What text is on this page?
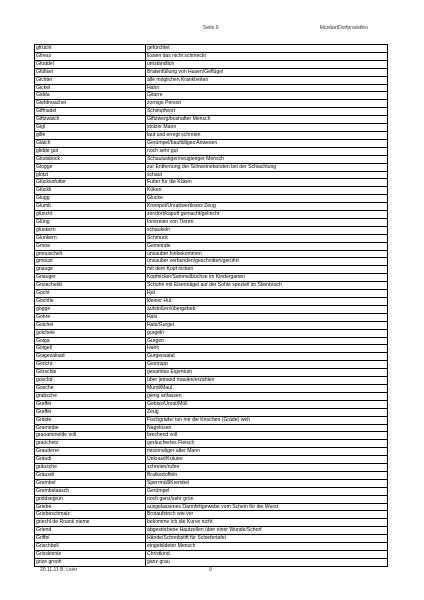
Seite 9	MundartDorfprozelten
gfrücht	gefürchtet
Gfress	Essen das nicht schmeckt
Gfuddel	umständlich
Gfüllsel	Bratenfüllung von Hasen/Geflügel
Gichter	alle möglichen Krankheiten
Gickel	Hahn
Gidda	Gitarre
Giefdnoachel	zornige Person
Giffnudel	Schimpfwort
Giftzwälch	Giftzwerg/boshafter Mensch
Gigl	stolzer Mann
gilfe	laut und erregt schreien
Gläich	Gerümpel/baufälliges Anwesen
glidde gut	noch sehr gut
Glodsbock	Schaulustiger/neugieriger Mensch
Glogge	zur Entfernung der Schweineborsten bei der Schlachtung
glotzt	schaut
Glückesfutter	Futter für die Küken
Glückli	Küken
Glugg	Glucke
Glumb	Krempel/Unrat/wertloses Zeug
glüncht	zerstört/kaputt gemacht/gelincht
Glüng	Innereien von Tieren
glunkern	schaukeln
Glunkern	Schmuck
Gmoa	Gemeinde
gmouschelt	unsauber hinbekommen
gmouzt	unsauber verbunden/geschnitten/gerührt
gnauge	mit dem Kopf nicken
Gnauger	Kopfnicker/Sammelbüchse im Kindergarten
Gnoacheldi	Schuhe mit Eisennägel auf der Sohle speziell im Steinbruch
Gocht	Hut
Göchtle	kleiner Hut
gögge	aufstoßen/übergebeb
Gohre	Hals
Goichel	Hals/Gurgel
goichele	gurgeln
Goiga	Gurgen
Göigell	Hahn
Goigezaload	Gurgensalat
Görlcht	Gestrüpp
Görschle	gesamtes Eigentum
goschd	über jemand maulen/erzählen
Gosche	Mund/Maul
grabsche	gierig anfassen
Graffel	Gebiss/Unrat/Müll
Graffel	Zeug
Gräide	Fischgräde/ tun mir die Knochen (Gräde) weh
Grammbe	Nagelösen
graoammelde voll	brechend voll
graüchets	geräuchertes Fleisch
Grauderer	missmutiger alter Mann
Gräudi	Unkraut/Kräuter
gräusche	schreien/rufen
Gräusdi	Bratkartoffeln
Grembel	Sperrmüll/Krembel
Grembelaasch	Gerümpel
griddsegrün	noch ganz/sehr grün
Griebe	ausgelassenes Darmfettgewebe vom Schein für die Wurst
Griebeschmalz	Brotaufstrich wie vor
griechl de Roank nieme	bekomme ich die Kurve nicht
Griend	abgestorbene Hautzellen über einer Wunde/Schorf
Griffel	Hände/Schreibstift für Schiefertafel
Grischbell	eingebildeter Mensch
Grisskinnle	Christkind
grize grooh	ganz grau
20.11.11 B. Leier	9
